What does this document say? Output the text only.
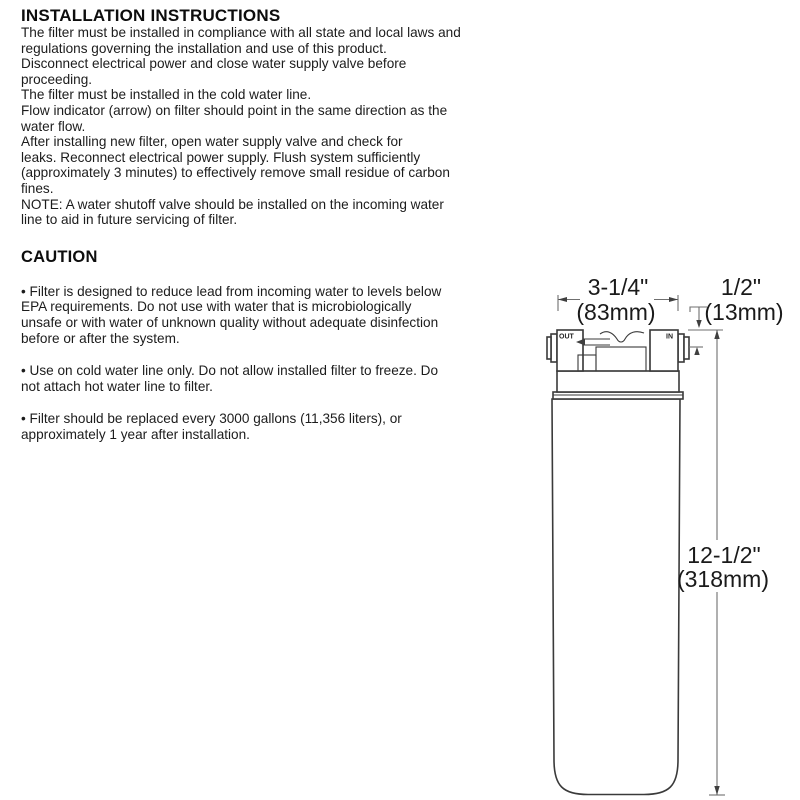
INSTALLATION INSTRUCTIONS
The filter must be installed in compliance with all state and local laws and
regulations governing the installation and use of this product.
Disconnect electrical power and close water supply valve before
proceeding.
The filter must be installed in the cold water line.
Flow indicator (arrow) on filter should point in the same direction as the
water flow.
After installing new filter, open water supply valve and check for
leaks. Reconnect electrical power supply. Flush system sufficiently
(approximately 3 minutes) to effectively remove small residue of carbon
fines.
NOTE: A water shutoff valve should be installed on the incoming water
line to aid in future servicing of filter.
CAUTION
• Filter is designed to reduce lead from incoming water to levels below
EPA requirements. Do not use with water that is microbiologically
unsafe or with water of unknown quality without adequate disinfection
before or after the system.
• Use on cold water line only. Do not allow installed filter to freeze. Do
not attach hot water line to filter.
• Filter should be replaced every 3000 gallons (11,356 liters), or
approximately 1 year after installation.
OUT	IN
3-1/4"
(83mm)
1/2"
(13mm)
12-1/2"
(318mm)
